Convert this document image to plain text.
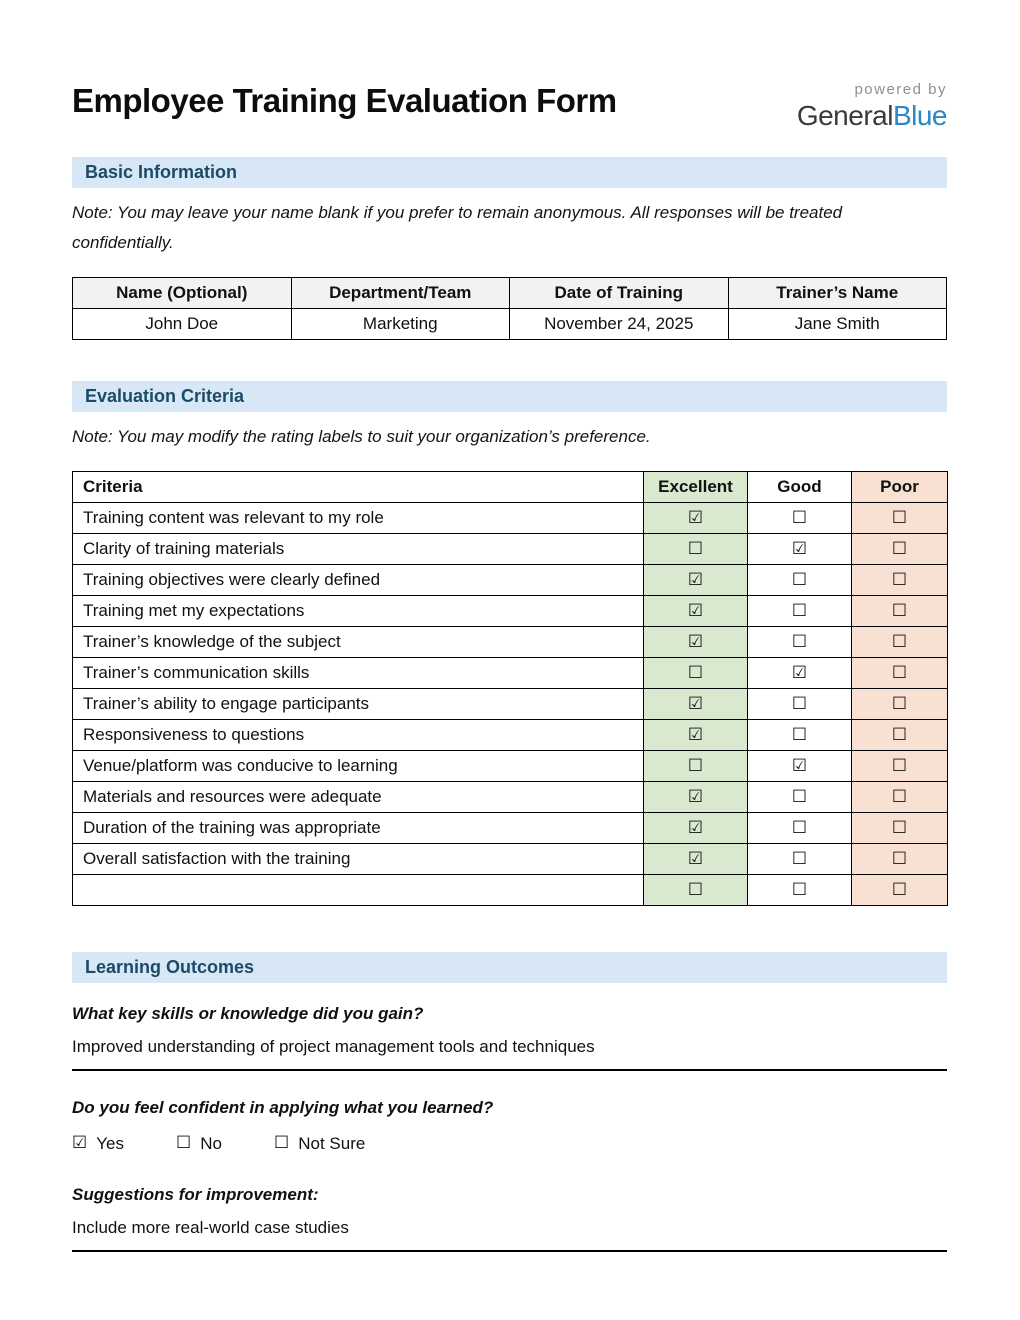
Employee Training Evaluation Form	powered by
GeneralBlue
Basic Information

Note: You may leave your name blank if you prefer to remain anonymous. All responses will be treated confidentially.

Name (Optional)	Department/Team	Date of Training	Trainer’s Name
John Doe	Marketing	November 24, 2025	Jane Smith
Evaluation Criteria

Note: You may modify the rating labels to suit your organization’s preference.

Criteria	Excellent	Good	Poor
Training content was relevant to my role	☑	☐	☐
Clarity of training materials	☐	☑	☐
Training objectives were clearly defined	☑	☐	☐
Training met my expectations	☑	☐	☐
Trainer’s knowledge of the subject	☑	☐	☐
Trainer’s communication skills	☐	☑	☐
Trainer’s ability to engage participants	☑	☐	☐
Responsiveness to questions	☑	☐	☐
Venue/platform was conducive to learning	☐	☑	☐
Materials and resources were adequate	☑	☐	☐
Duration of the training was appropriate	☑	☐	☐
Overall satisfaction with the training	☑	☐	☐
	☐	☐	☐
Learning Outcomes

What key skills or knowledge did you gain?

Improved understanding of project management tools and techniques

Do you feel confident in applying what you learned?

☑ Yes	☐ No	☐ Not Sure

Suggestions for improvement:

Include more real-world case studies
